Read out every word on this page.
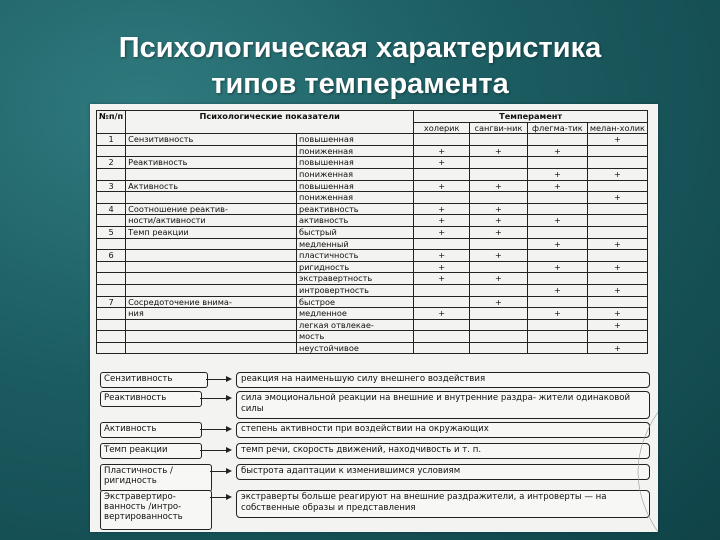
Психологическая характеристика
типов темперамента
№п/п	Психологические показатели		Темперамент			
			холерик	сангви-ник	флегма-тик	мелан-холик
1	Сензитивность	повышенная				+
		пониженная	+	+	+	
2	Реактивность	повышенная	+			
		пониженная			+	+
3	Активность	повышенная	+	+	+	
		пониженная				+
4	Соотношение реактив-	реактивность	+	+		
	ности/активности	активность	+	+	+	
5	Темп реакции	быстрый	+	+		
		медленный			+	+
6		пластичность	+	+		
		ригидность	+		+	+
		экстравертность	+	+		
		интровертность			+	+
7	Сосредоточение внима-	быстрое		+		
	ния	медленное	+		+	+
		легкая отвлекае-				+
		мость				
		неустойчивое				+
Сензитивность	реакция на наименьшую силу внешнего воздействия
Реактивность	сила эмоциональной реакции на внешние и внутренние раздра- жители одинаковой силы
Активность	степень активности при воздействии на окружающих
Темп реакции	темп речи, скорость движений, находчивость и т. п.
Пластичность / ригидность
быстрота адаптации к изменившимся условиям
Экстравертиро- ванность /интро- вертированность
экстраверты больше реагируют на внешние раздражители, а интроверты — на собственные образы и представления
